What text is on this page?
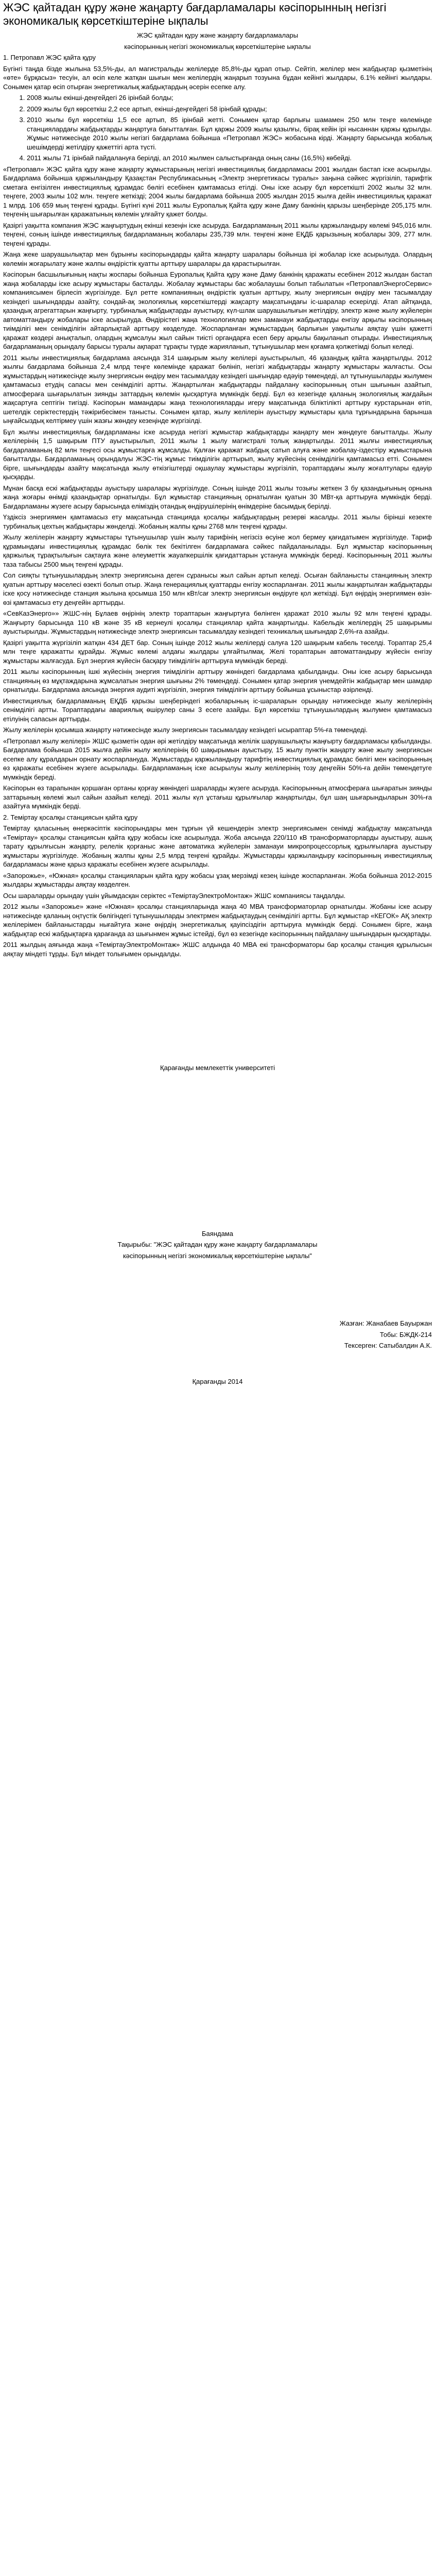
ЖЭС қайтадан құру және жаңарту бағдарламалары кәсіпорынның негізгі экономикалық көрсеткіштеріне ықпалы

ЖЭС қайтадан құру және жаңарту бағдарламалары

кәсіпорынның негізгі экономикалық көрсеткіштеріне ықпалы

1. Петропавл ЖЭС қайта құру

Бүгінгі таңда бізде жылына 53,5%-ды, ал магистральды желілерде 85,8%-ды құрап отыр. Сейтіп, желілер мен жабдықтар қызметінің «өте» бұрқасыз» тесуін, ал өсіп келе жатқан шығын мен желілердің жаңарып тозуына бұдан кейінгі жылдары, 6.1% кейінгі жылдары. Сонымен қатар өсіп отырған энергетикалық жабдықтардың әсерін есепке алу.

1. 2008 жылы екінші-деңгейдегі 26 ірінбай болды;
2. 2009 жылы бұл көрсеткіш 2,2 есе артып, екінші-деңгейдегі 58 ірінбай құрады;
3. 2010 жылы бұл көрсеткіш 1,5 есе артып, 85 ірінбай жетті. Сонымен қатар барлығы шамамен 250 млн теңге көлемінде станциялардағы жабдықтарды жаңартуға бағытталған. Бұл қаржы 2009 жылы қазылғы, бірақ кейін ірі нысаннан қаржы құрылды. Жұмыс нәтижесінде 2010 жылы негізгі бағдарлама бойынша «Петропавл ЖЭС» жобасына кірді. Жаңарту барысында жобалық шешімдерді жетілдіру қажеттігі арта түсті.
4. 2011 жылы 71 ірінбай пайдалануға берілді, ал 2010 жылмен салыстырғанда оның саны (16,5%) көбейді.

«Петропавл» ЖЭС қайта құру және жаңарту жұмыстарының негізгі инвестициялық бағдарламасы 2001 жылдан бастап іске асырылды. Бағдарлама бойынша қаржыландыру Қазақстан Республикасының «Электр энергетикасы туралы» заңына сәйкес жүргізіліп, тарифтік сметаға енгізілген инвестициялық құрамдас бөлігі есебінен қамтамасыз етілді. Оны іске асыру бұл көрсеткішті 2002 жылы 32 млн. теңгеге, 2003 жылы 102 млн. теңгеге жеткізді; 2004 жылы бағдарлама бойынша 2005 жылдан 2015 жылға дейін инвестициялық қаражат 1 млрд. 106 659 мың теңгені құрады. Бүгінгі күні 2011 жылы Еуропалық Қайта құру және Даму банкінің қарызы шеңберінде 205,175 млн. теңгенің шығарылған қаражатының көлемін ұлғайту қажет болды.

Қазіргі уақытта компания ЖЭС жаңғыртудың екінші кезеңін іске асыруда. Бағдарламаның 2011 жылы қаржыландыру көлемі 945,016 млн. теңгені, соның ішінде инвестициялық бағдарламаның жобалары 235,739 млн. теңгені және ЕҚДБ қарызының жобалары 309, 277 млн. теңгені құрады.

Жаңа жеке шаруашылықтар мен бұрынғы кәсіпорындарды қайта жаңарту шаралары бойынша ірі жобалар іске асырылуда. Олардың көлемін жоғарылату және жалпы өндірістік қуатты арттыру шаралары да қарастырылған.

Кәсіпорын басшылығының нақты жоспары бойынша Еуропалық Қайта құру және Даму банкінің қаражаты есебінен 2012 жылдан бастап жаңа жобаларды іске асыру жұмыстары басталды. Жобалау жұмыстары бас жобалаушы болып табылатын «ПетропавлЭнергоСервис» компаниясымен бірлесіп жүргізілуде. Бұл ретте компанияның өндірістік қуатын арттыру, жылу энергиясын өндіру мен тасымалдау кезіндегі шығындарды азайту, сондай-ақ экологиялық көрсеткіштерді жақсарту мақсатындағы іс-шаралар ескерілді. Атап айтқанда, қазандық агрегаттарын жаңғырту, турбиналық жабдықтарды ауыстыру, күл-шлак шаруашылығын жетілдіру, электр және жылу жүйелерін автоматтандыру жобалары іске асырылуда. Өндірістегі жаңа технологиялар мен заманауи жабдықтарды енгізу арқылы кәсіпорынның тиімділігі мен сенімділігін айтарлықтай арттыру көзделуде. Жоспарланған жұмыстардың барлығын уақытылы аяқтау үшін қажетті қаражат көздері анықталып, олардың жұмсалуы жыл сайын тиісті органдарға есеп беру арқылы бақыланып отырады. Инвестициялық бағдарламаның орындалу барысы туралы ақпарат тұрақты түрде жарияланып, тұтынушылар мен қоғамға қолжетімді болып келеді.

2011 жылы инвестициялық бағдарлама аясында 314 шақырым жылу желілері ауыстырылып, 46 қазандық қайта жаңартылды. 2012 жылғы бағдарлама бойынша 2,4 млрд теңге көлемінде қаражат бөлініп, негізгі жабдықтарды жаңарту жұмыстары жалғасты. Осы жұмыстардың нәтижесінде жылу энергиясын өндіру мен тасымалдау кезіндегі шығындар едәуір төмендеді, ал тұтынушыларды жылумен қамтамасыз етудің сапасы мен сенімділігі артты. Жаңартылған жабдықтарды пайдалану кәсіпорынның отын шығынын азайтып, атмосфераға шығарылатын зиянды заттардың көлемін қысқартуға мүмкіндік берді. Бұл өз кезегінде қаланың экологиялық жағдайын жақсартуға септігін тигізді. Кәсіпорын мамандары жаңа технологияларды игеру мақсатында біліктілікті арттыру курстарынан өтіп, шетелдік серіктестердің тәжірибесімен танысты. Сонымен қатар, жылу желілерін ауыстыру жұмыстары қала тұрғындарына барынша ыңғайсыздық келтірмеу үшін жазғы жөндеу кезеңінде жүргізілді.

Бұл жылғы инвестициялық бағдарламаны іске асыруда негізгі жұмыстар жабдықтарды жаңарту мен жөндеуге бағытталды. Жылу желілерінің 1,5 шақырым ПТУ ауыстырылып, 2011 жылы 1 жылу магистралі толық жаңартылды. 2011 жылғы инвестициялық бағдарламаның 82 млн теңгесі осы жұмыстарға жұмсалды. Қалған қаражат жабдық сатып алуға және жобалау-іздестіру жұмыстарына бағытталды. Бағдарламаның орындалуы ЖЭС-тің жұмыс тиімділігін арттырып, жылу жүйесінің сенімділігін қамтамасыз етті. Сонымен бірге, шығындарды азайту мақсатында жылу өткізгіштерді оқшаулау жұмыстары жүргізіліп, тораптардағы жылу жоғалтулары едәуір қысқарды.

Мұнан басқа ескі жабдықтарды ауыстыру шаралары жүргізілуде. Соның ішінде 2011 жылы тозығы жеткен 3 бу қазандығының орнына жаңа жоғары өнімді қазандықтар орнатылды. Бұл жұмыстар станцияның орнатылған қуатын 30 МВт-қа арттыруға мүмкіндік берді. Бағдарламаны жүзеге асыру барысында еліміздің отандық өндірушілерінің өнімдеріне басымдық берілді.

Үздіксіз энергиямен қамтамасыз ету мақсатында станцияда қосалқы жабдықтардың резерві жасалды. 2011 жылы бірінші кезекте турбиналық цехтың жабдықтары жөнделді. Жобаның жалпы құны 2768 млн теңгені құрады.

Жылу желілерін жаңарту жұмыстары тұтынушылар үшін жылу тарифінің негізсіз өсуіне жол бермеу қағидатымен жүргізілуде. Тариф құрамындағы инвестициялық құрамдас бөлік тек бекітілген бағдарламаға сәйкес пайдаланылады. Бұл жұмыстар кәсіпорынның қаржылық тұрақтылығын сақтауға және әлеуметтік жауапкершілік қағидаттарын ұстануға мүмкіндік береді. Кәсіпорынның 2011 жылғы таза табысы 2500 мың теңгені құрады.

Сол сияқты тұтынушылардың электр энергиясына деген сұранысы жыл сайын артып келеді. Осыған байланысты станцияның электр қуатын арттыру мәселесі өзекті болып отыр. Жаңа генерациялық қуаттарды енгізу жоспарланған. 2011 жылы жаңартылған жабдықтарды іске қосу нәтижесінде станция жылына қосымша 150 млн кВт/сағ электр энергиясын өндіруге қол жеткізді. Бұл өңірдің энергиямен өзін-өзі қамтамасыз ету деңгейін арттырды.

«СевКазЭнерго»» ЖШС-нің Бұлаев өңірінің электр тораптарын жаңғыртуға бөлінген қаражат 2010 жылы 92 млн теңгені құрады. Жаңғырту барысында 110 кВ және 35 кВ кернеулі қосалқы станциялар қайта жаңартылды. Кабельдік желілердің 25 шақырымы ауыстырылды. Жұмыстардың нәтижесінде электр энергиясын тасымалдау кезіндегі техникалық шығындар 2,6%-ға азайды.

Қазіргі уақытта жүргізіліп жатқан 434 ДЕТ бар. Соның ішінде 2012 жылы желілерді салуға 120 шақырым кабель төселді. Тораптар 25,4 млн теңге қаражатты құрайды. Жұмыс көлемі алдағы жылдары ұлғайтылмақ. Желі тораптарын автоматтандыру жүйесін енгізу жұмыстары жалғасуда. Бұл энергия жүйесін басқару тиімділігін арттыруға мүмкіндік береді.

2011 жылы кәсіпорынның ішкі жүйесінің энергия тиімділігін арттыру жөніндегі бағдарлама қабылданды. Оны іске асыру барысында станцияның өз мұқтаждарына жұмсалатын энергия шығыны 2% төмендеді. Сонымен қатар энергия үнемдейтін жабдықтар мен шамдар орнатылды. Бағдарлама аясында энергия аудиті жүргізіліп, энергия тиімділігін арттыру бойынша ұсыныстар әзірленді.

Инвестициялық бағдарламаның ЕҚДБ қарызы шеңберіндегі жобаларының іс-шараларын орындау нәтижесінде жылу желілерінің сенімділігі артты. Тораптардағы авариялық өшірулер саны 3 есеге азайды. Бұл көрсеткіш тұтынушылардың жылумен қамтамасыз етілуінің сапасын арттырды.

Жылу желілерін қосымша жаңарту нәтижесінде жылу энергиясын тасымалдау кезіндегі ысыраптар 5%-ға төмендеді.

«Петропавл жылу желілері» ЖШС қызметін одан әрі жетілдіру мақсатында желілік шаруашылықты жаңғырту бағдарламасы қабылданды. Бағдарлама бойынша 2015 жылға дейін жылу желілерінің 60 шақырымын ауыстыру, 15 жылу пунктін жаңарту және жылу энергиясын есепке алу құралдарын орнату жоспарлануда. Жұмыстарды қаржыландыру тарифтің инвестициялық құрамдас бөлігі мен кәсіпорынның өз қаражаты есебінен жүзеге асырылады. Бағдарламаның іске асырылуы жылу желілерінің тозу деңгейін 50%-ға дейін төмендетуге мүмкіндік береді.

Кәсіпорын өз тарапынан қоршаған ортаны қорғау жөніндегі шараларды жүзеге асыруда. Кәсіпорынның атмосфераға шығаратын зиянды заттарының көлемі жыл сайын азайып келеді. 2011 жылы күл ұстағыш құрылғылар жаңартылды, бұл шаң шығарындыларын 30%-ға азайтуға мүмкіндік берді.

2. Теміртау қосалқы станциясын қайта құру

Теміртау қаласының өнеркәсіптік кәсіпорындары мен тұрғын үй кешендерін электр энергиясымен сенімді жабдықтау мақсатында «Теміртау» қосалқы станциясын қайта құру жобасы іске асырылуда. Жоба аясында 220/110 кВ трансформаторларды ауыстыру, ашық тарату құрылғысын жаңарту, релелік қорғаныс және автоматика жүйелерін заманауи микропроцессорлық құрылғыларға ауыстыру жұмыстары жүргізілуде. Жобаның жалпы құны 2,5 млрд теңгені құрайды. Жұмыстарды қаржыландыру кәсіпорынның инвестициялық бағдарламасы және қарыз қаражаты есебінен жүзеге асырылады.

«Запорожье», «Южная» қосалқы станцияларын қайта құру жобасы ұзақ мерзімді кезең ішінде жоспарланған. Жоба бойынша 2012-2015 жылдары жұмыстарды аяқтау көзделген.

Осы шараларды орындау үшін ұйымдасқан серіктес «ТеміртауЭлектроМонтаж» ЖШС компаниясы таңдалды.

2012 жылы «Запорожье» және «Южная» қосалқы станцияларында жаңа 40 МВА трансформаторлар орнатылды. Жобаны іске асыру нәтижесінде қаланың оңтүстік бөлігіндегі тұтынушыларды электрмен жабдықтаудың сенімділігі артты. Бұл жұмыстар «КЕГОК» АҚ электр желілерімен байланыстарды нығайтуға және өңірдің энергетикалық қауіпсіздігін арттыруға мүмкіндік берді. Сонымен бірге, жаңа жабдықтар ескі жабдықтарға қарағанда аз шығынмен жұмыс істейді, бұл өз кезегінде кәсіпорынның пайдалану шығындарын қысқартады.

2011 жылдың аяғында жаңа «ТеміртауЭлектроМонтаж» ЖШС алдында 40 МВА екі трансформаторы бар қосалқы станция құрылысын аяқтау міндеті тұрды. Бұл міндет толығымен орындалды.

Қарағанды мемлекеттік университеті

Баяндама

Тақырыбы: "ЖЭС қайтадан құру және жаңарту бағдарламалары

кәсіпорынның негізгі экономикалық көрсеткіштеріне ықпалы"

Жазған: Жанабаев Бауыржан

Тобы: БЖДК-214

Тексерген: Сатыбалдин А.К.

Қарағанды 2014
